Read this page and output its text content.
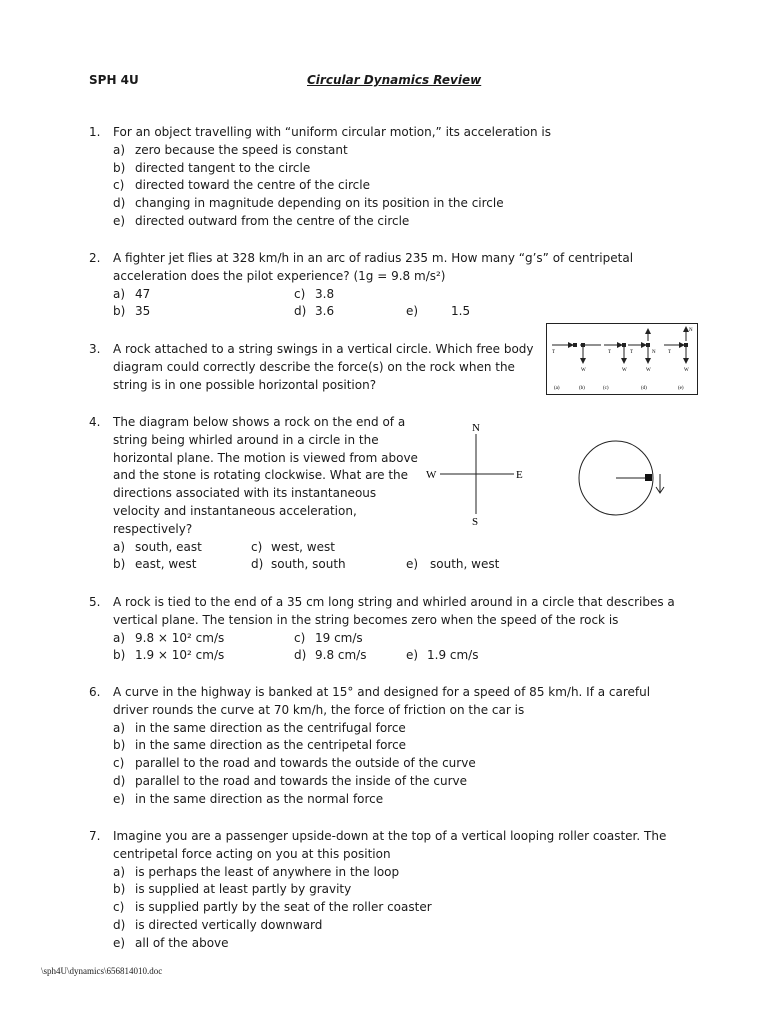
SPH 4U	Circular Dynamics Review
1. For an object travelling with “uniform circular motion,” its acceleration is
a) zero because the speed is constant
b) directed tangent to the circle
c) directed toward the centre of the circle
d) changing in magnitude depending on its position in the circle
e) directed outward from the centre of the circle
2. A fighter jet flies at 328 km/h in an arc of radius 235 m. How many “g’s” of centripetal
acceleration does the pilot experience? (1g = 9.8 m/s²)
a) 47	c) 3.8
b) 35	d) 3.6	e)	1.5
3. A rock attached to a string swings in a vertical circle. Which free body
diagram could correctly describe the force(s) on the rock when the
string is in one possible horizontal position?
T
W
T
W
T	N
W
T
N
W
(a)	(b)	(c)	(d)	(e)
4. The diagram below shows a rock on the end of a
string being whirled around in a circle in the
horizontal plane. The motion is viewed from above
and the stone is rotating clockwise. What are the
directions associated with its instantaneous
velocity and instantaneous acceleration,
respectively?
a) south, east	c) west, west
b) east, west	d) south, south	e) south, west
N
S
E
W
5. A rock is tied to the end of a 35 cm long string and whirled around in a circle that describes a
vertical plane. The tension in the string becomes zero when the speed of the rock is
a) 9.8 × 10² cm/s	c) 19 cm/s
b) 1.9 × 10² cm/s	d) 9.8 cm/s	e) 1.9 cm/s
6. A curve in the highway is banked at 15° and designed for a speed of 85 km/h. If a careful
driver rounds the curve at 70 km/h, the force of friction on the car is
a) in the same direction as the centrifugal force
b) in the same direction as the centripetal force
c) parallel to the road and towards the outside of the curve
d) parallel to the road and towards the inside of the curve
e) in the same direction as the normal force
7. Imagine you are a passenger upside-down at the top of a vertical looping roller coaster. The
centripetal force acting on you at this position
a) is perhaps the least of anywhere in the loop
b) is supplied at least partly by gravity
c) is supplied partly by the seat of the roller coaster
d) is directed vertically downward
e) all of the above
\sph4U\dynamics\656814010.doc
